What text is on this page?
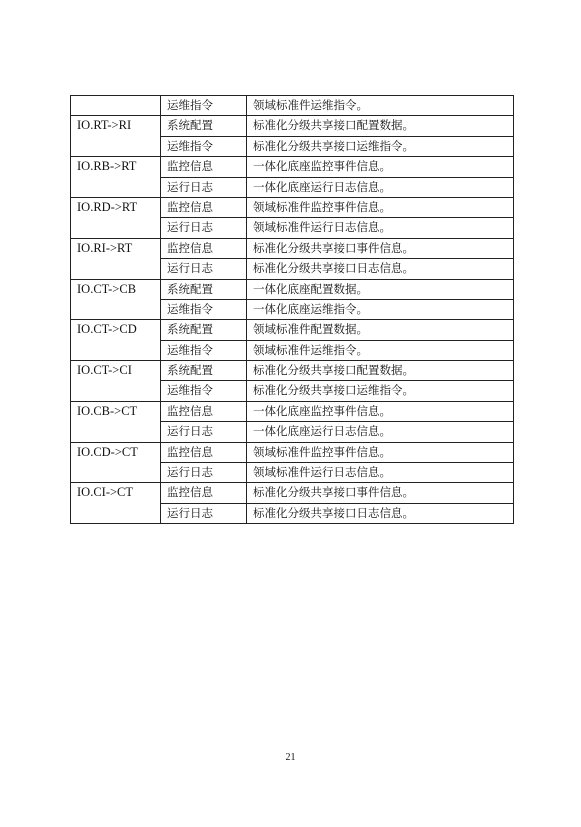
	运维指令	领域标准件运维指令。
IO.RT->RI	系统配置	标准化分级共享接口配置数据。
	运维指令	标准化分级共享接口运维指令。
IO.RB->RT	监控信息	一体化底座监控事件信息。
	运行日志	一体化底座运行日志信息。
IO.RD->RT	监控信息	领域标准件监控事件信息。
	运行日志	领域标准件运行日志信息。
IO.RI->RT	监控信息	标准化分级共享接口事件信息。
	运行日志	标准化分级共享接口日志信息。
IO.CT->CB	系统配置	一体化底座配置数据。
	运维指令	一体化底座运维指令。
IO.CT->CD	系统配置	领域标准件配置数据。
	运维指令	领域标准件运维指令。
IO.CT->CI	系统配置	标准化分级共享接口配置数据。
	运维指令	标准化分级共享接口运维指令。
IO.CB->CT	监控信息	一体化底座监控事件信息。
	运行日志	一体化底座运行日志信息。
IO.CD->CT	监控信息	领域标准件监控事件信息。
	运行日志	领域标准件运行日志信息。
IO.CI->CT	监控信息	标准化分级共享接口事件信息。
	运行日志	标准化分级共享接口日志信息。
21
